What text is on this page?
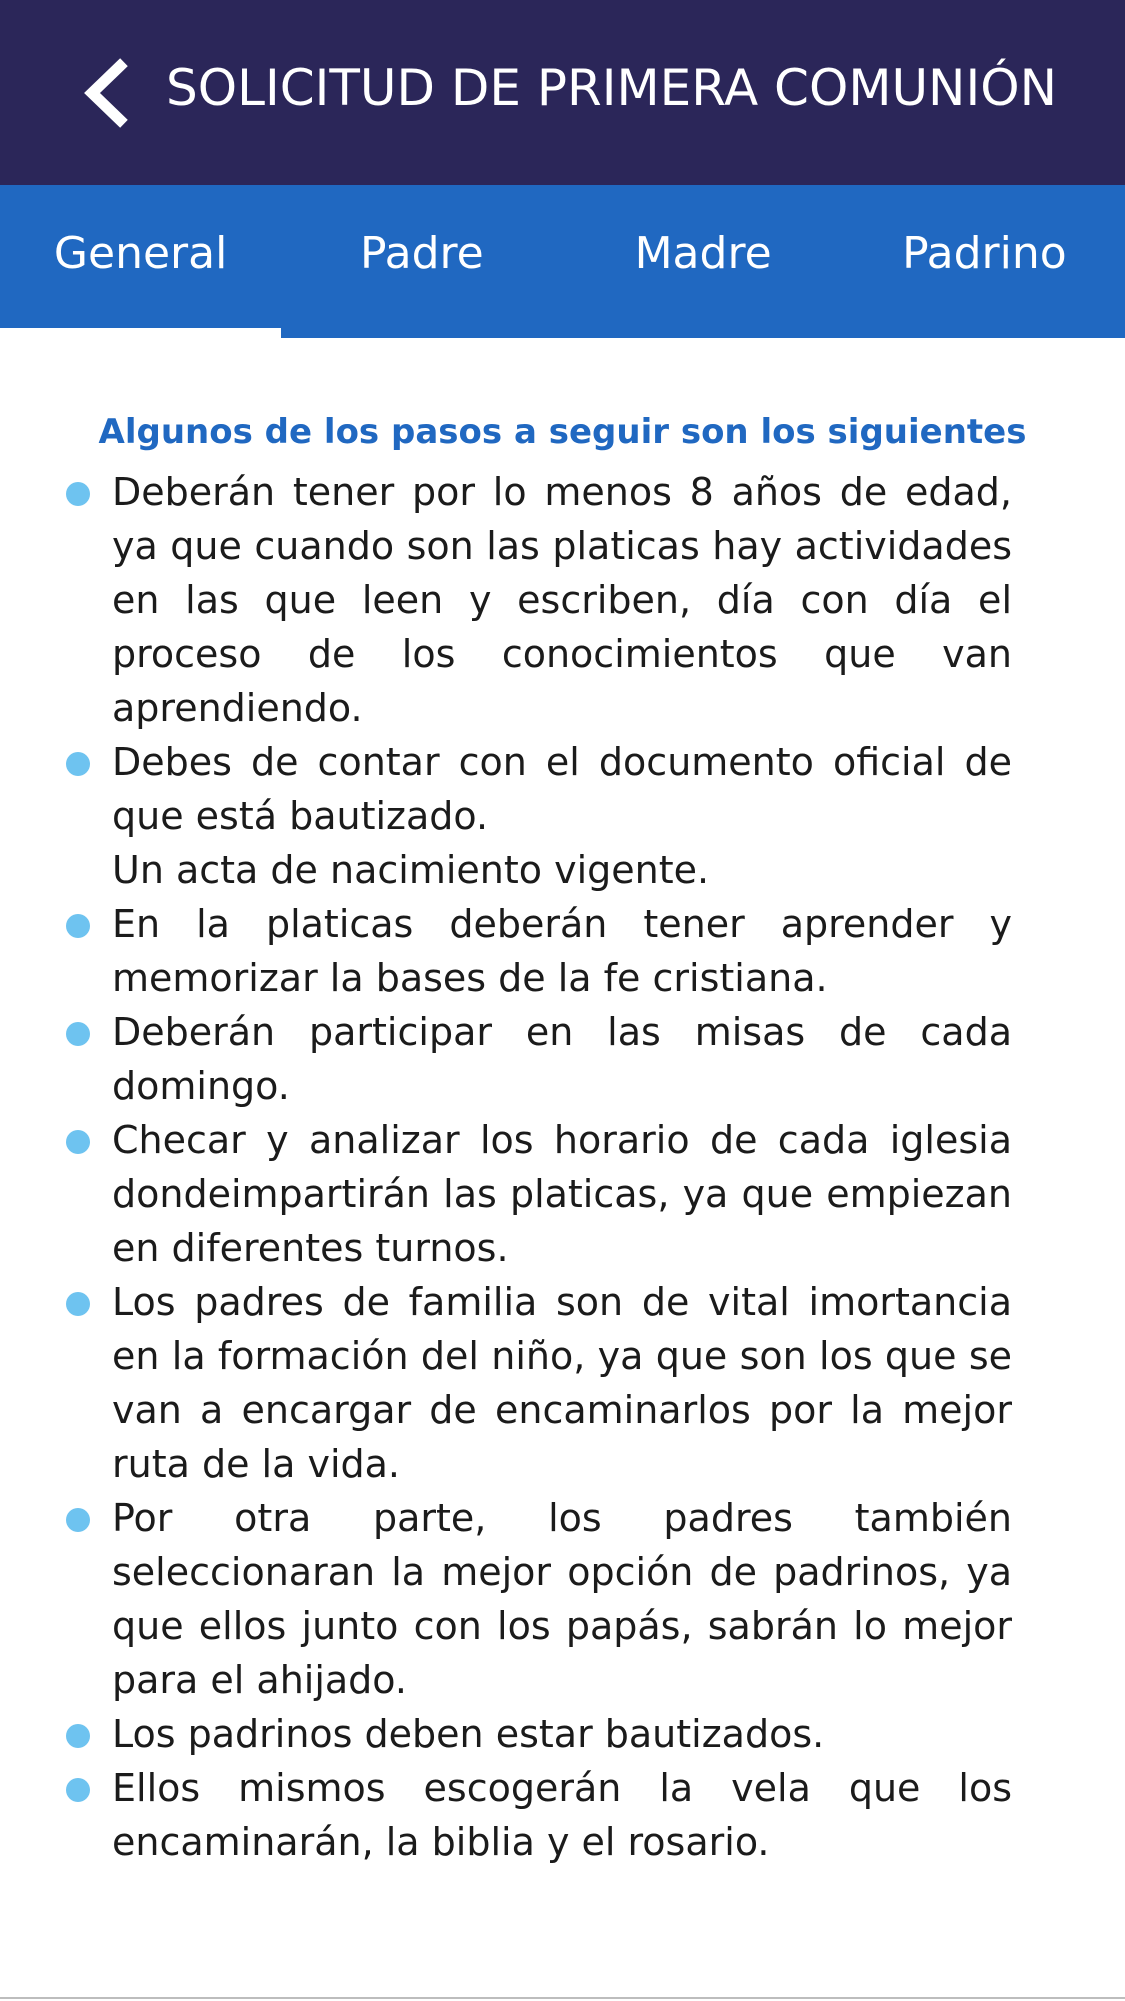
SOLICITUD DE PRIMERA COMUNIÓN
General	Padre	Madre	Padrino
Algunos de los pasos a seguir son los siguientes
Deberán tener por lo menos 8 años de edad, ya que cuando son las platicas hay actividades en las que leen y escriben, día con día el proceso de los conocimientos que van aprendiendo.
Debes de contar con el documento oficial de que está bautizado.
Un acta de nacimiento vigente.
En la platicas deberán tener aprender y memorizar la bases de la fe cristiana.
Deberán participar en las misas de cada domingo.
Checar y analizar los horario de cada iglesia dondeimpartirán las platicas, ya que empiezan en diferentes turnos.
Los padres de familia son de vital imortancia en la formación del niño, ya que son los que se van a encargar de encaminarlos por la mejor ruta de la vida.
Por otra parte, los padres también seleccionaran la mejor opción de padrinos, ya que ellos junto con los papás, sabrán lo mejor para el ahijado.
Los padrinos deben estar bautizados.
Ellos mismos escogerán la vela que los encaminarán, la biblia y el rosario.
